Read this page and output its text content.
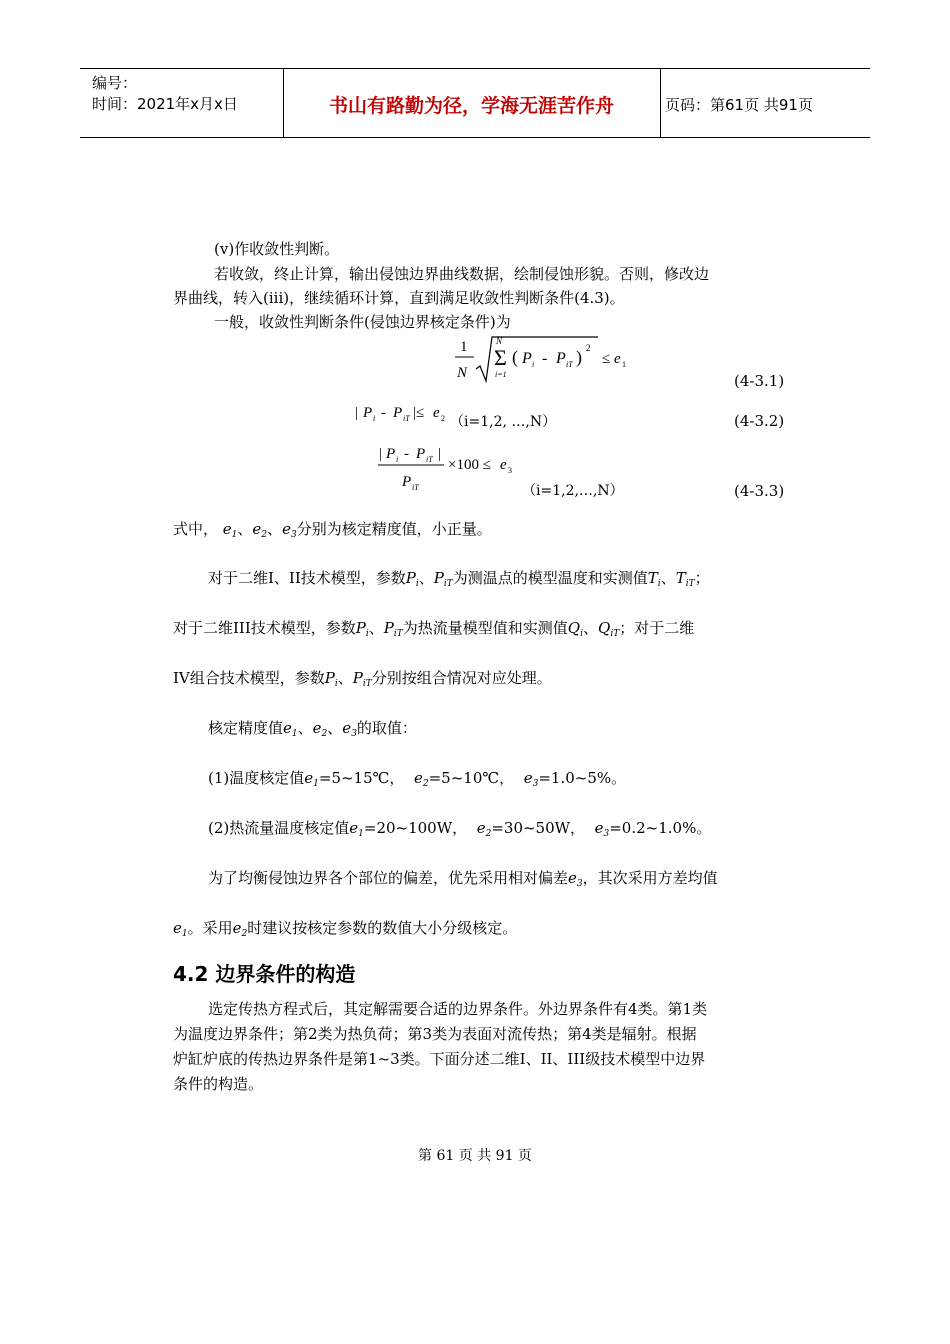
编号：
时间：2021年x月x日	书山有路勤为径，学海无涯苦作舟	页码：第61页 共91页
(v)作收敛性判断。
若收敛，终止计算，输出侵蚀边界曲线数据，绘制侵蚀形貌。否则，修改边
界曲线，转入(iii)，继续循环计算，直到满足收敛性判断条件(4.3)。
一般，收敛性判断条件(侵蚀边界核定条件)为
1
N
N
Σ
i=1
( P i - P iT ) 2
≤ e 1
(4-3.1)
| P i - P iT |≤ e 2 （i=1,2, …,N）	(4-3.2)
| P i - P iT |
P iT
×100 ≤ e 3
（i=1,2,…,N）	(4-3.3)
式中， $e_1$、$e_2$、$e_3$分别为核定精度值，小正量。
对于二维I、II技术模型，参数$P_i$、$P_{iT}$为测温点的模型温度和实测值$T_i$、$T_{iT}$；
对于二维III技术模型，参数$P_i$、$P_{iT}$为热流量模型值和实测值$Q_i$、$Q_{iT}$；对于二维
IV组合技术模型，参数$P_i$、$P_{iT}$分别按组合情况对应处理。
核定精度值$e_1$、$e_2$、$e_3$的取值：
(1)温度核定值$e_1=5\sim 15℃$， $e_2=5\sim 10℃$， $e_3=1.0\sim 5\%$。
(2)热流量温度核定值$e_1=20\sim 100W$， $e_2=30\sim 50W$， $e_3=0.2\sim 1.0\%$。
为了均衡侵蚀边界各个部位的偏差，优先采用相对偏差$e_3$，其次采用方差均值
$e_1$。采用$e_2$时建议按核定参数的数值大小分级核定。
4.2 边界条件的构造
选定传热方程式后，其定解需要合适的边界条件。外边界条件有4类。第1类
为温度边界条件；第2类为热负荷；第3类为表面对流传热；第4类是辐射。根据
炉缸炉底的传热边界条件是第1~3类。下面分述二维I、II、III级技术模型中边界
条件的构造。
第 61 页 共 91 页
